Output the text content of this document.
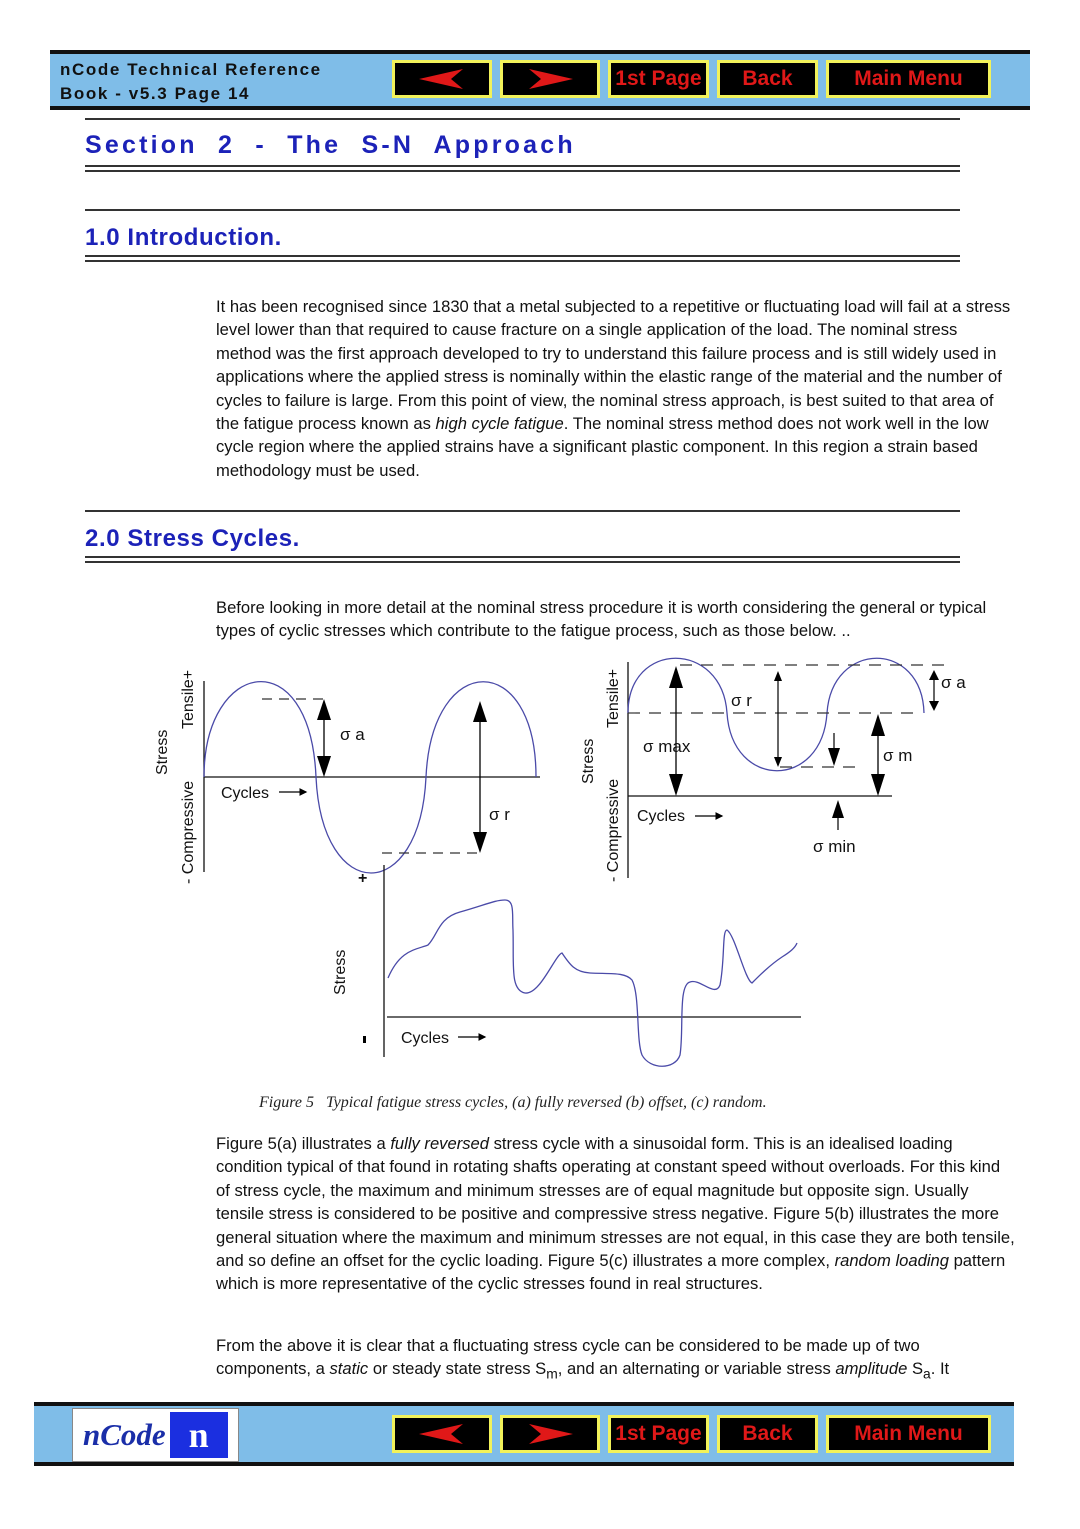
nCode Technical Reference
Book - v5.3 Page 14
1st Page	Back	Main Menu
Section  2  -  The  S-N  Approach
1.0 Introduction.
It has been recognised since 1830 that a metal subjected to a repetitive or fluctuating load will fail at a stress level lower than that required to cause fracture on a single application of the load. The nominal stress method was the first approach developed to try to understand this failure process and is still widely used in applications where the applied stress is nominally within the elastic range of the material and the number of cycles to failure is large. From this point of view, the nominal stress approach, is best suited to that area of the fatigue process known as high cycle fatigue. The nominal stress method does not work well in the low cycle region where the applied strains have a significant plastic component. In this region a strain based methodology must be used.
2.0 Stress Cycles.
Before looking in more detail at the nominal stress procedure it is worth considering the general or typical types of cyclic stresses which contribute to the fatigue process, such as those below. ..
σ a
σ r
Cycles
Stress
Tensile+
- Compressive
σ r
σ a
σ max	σ m
σ min
Cycles
Stress
Tensile+
- Compressive
+
Cycles
Stress
Figure 5   Typical fatigue stress cycles, (a) fully reversed (b) offset, (c) random.
Figure 5(a) illustrates a fully reversed stress cycle with a sinusoidal form. This is an idealised loading condition typical of that found in rotating shafts operating at constant speed without overloads. For this kind of stress cycle, the maximum and minimum stresses are of equal magnitude but opposite sign. Usually tensile stress is considered to be positive and compressive stress negative. Figure 5(b) illustrates the more general situation where the maximum and minimum stresses are not equal, in this case they are both tensile, and so define an offset for the cyclic loading. Figure 5(c) illustrates a more complex, random loading pattern which is more representative of the cyclic stresses found in real structures.
From the above it is clear that a fluctuating stress cycle can be considered to be made up of two components, a static or steady state stress $S_m$, and an alternating or variable stress amplitude $S_a$. It
nCode n	1st Page	Back	Main Menu
